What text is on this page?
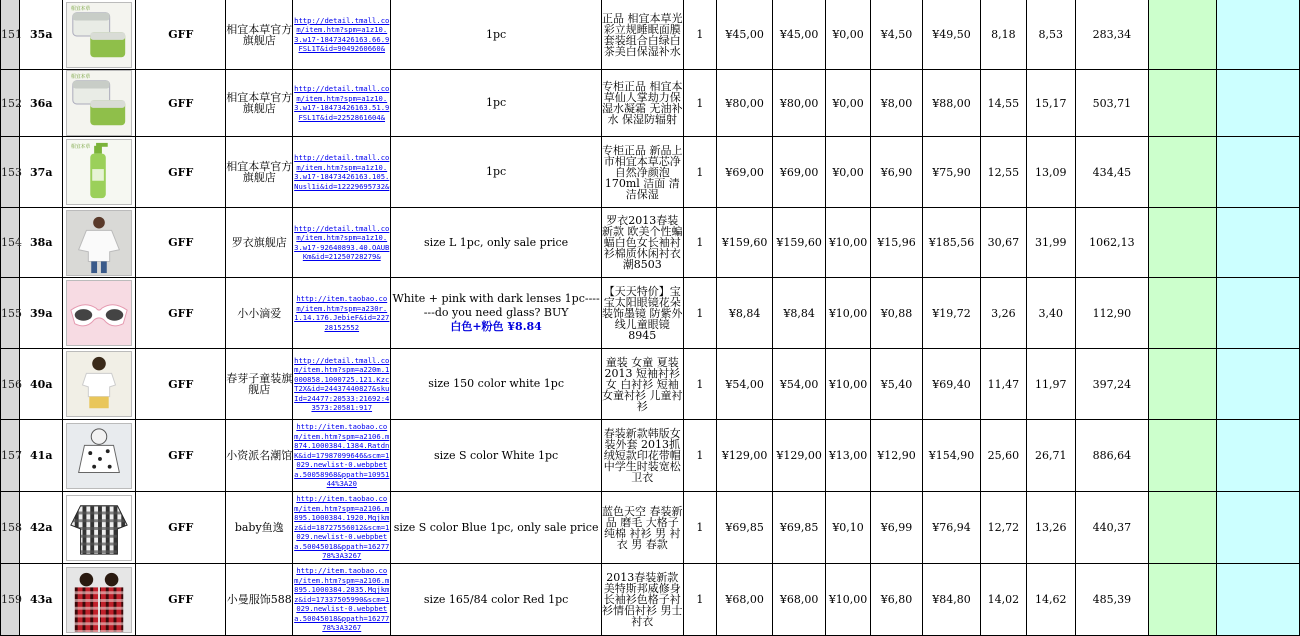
151	35a	相宜本草	GFF	相宜本草官方旗舰店	http://detail.tmall.com/item.htm?spm=a1z10.3.w17-18473426163.66.9FSL1T&id=9049260660&	1pc	正品 相宜本草光彩立规睡眠面膜套装组合白绿白茶美白保湿补水	1	¥45,00	¥45,00	¥0,00	¥4,50	¥49,50	8,18	8,53	283,34		
152	36a	相宜本草	GFF	相宜本草官方旗舰店	http://detail.tmall.com/item.htm?spm=a1z10.3.w17-18473426163.51.9FSL1T&id=2252861604&	1pc	专柜正品 相宜本草仙人掌劫力保湿水凝霜 无油补水 保湿防辐射	1	¥80,00	¥80,00	¥0,00	¥8,00	¥88,00	14,55	15,17	503,71		
153	37a	相宜本草	GFF	相宜本草官方旗舰店	http://detail.tmall.com/item.htm?spm=a1z10.3.w17-18473426163.105.Nusl1i&id=12229695732&	1pc	专柜正品 新品上市相宜本草芯净自然净颜泡170ml 洁面 清洁保湿	1	¥69,00	¥69,00	¥0,00	¥6,90	¥75,90	12,55	13,09	434,45		
154	38a		GFF	罗衣旗舰店	http://detail.tmall.com/item.htm?spm=a1z10.3.w17-92640893.40.OAUBKm&id=21250728279&	size L 1pc, only sale price	罗衣2013春装新款 欧美个性蝙蝠白色女长袖衬衫棉质休闲衬衣潮8503	1	¥159,60	¥159,60	¥10,00	¥15,96	¥185,56	30,67	31,99	1062,13		
155	39a		GFF	小小滴爱	http://item.taobao.com/item.htm?spm=a230r.1.14.176.JebieF&id=22728152552	White + pink with dark lenses 1pc-------do you need glass? BUY
白色+粉色 ¥8.84	【天天特价】宝宝太阳眼镜花朵装饰墨镜 防紫外线儿童眼镜8945	1	¥8,84	¥8,84	¥10,00	¥0,88	¥19,72	3,26	3,40	112,90		
156	40a		GFF	春芽子童装旗舰店	http://detail.tmall.com/item.htm?spm=a220m.1000858.1000725.121.KzcT2X&id=24437440827&skuId=24477:20533:21692:43573:20581:917	size 150 color white 1pc	童装 女童 夏装2013 短袖衬衫 女 白衬衫 短袖女童衬衫 儿童衬衫	1	¥54,00	¥54,00	¥10,00	¥5,40	¥69,40	11,47	11,97	397,24		
157	41a		GFF	小资派名潮馆	http://item.taobao.com/item.htm?spm=a2106.m874.1000384.1384.RatdnK&id=17987099646&scm=1029.newlist-0.webpbeta.50058968&ppath=1095144%3A20	size S color White 1pc	春装新款韩版女装外套 2013抓绒短款印花带帽中学生时装宽松卫衣	1	¥129,00	¥129,00	¥13,00	¥12,90	¥154,90	25,60	26,71	886,64		
158	42a		GFF	baby鱼逸	http://item.taobao.com/item.htm?spm=a2106.m895.1000384.1920.Mqjkmz&id=18727556012&scm=1029.newlist-0.webpbeta.50045018&ppath=1627778%3A3267	size S color Blue 1pc, only sale price	蓝色天空 春装新品 磨毛 大格子 纯棉 衬衫 男 衬衣 男 春款	1	¥69,85	¥69,85	¥0,10	¥6,99	¥76,94	12,72	13,26	440,37		
159	43a		GFF	小曼服饰588	http://item.taobao.com/item.htm?spm=a2106.m895.1000384.2835.Mqjkmz&id=17337505990&scm=1029.newlist-0.webpbeta.50045018&ppath=1627778%3A3267	size 165/84 color Red 1pc	2013春装新款 美特斯邦威修身长袖衫色格子衬衫情侣衬衫 男士衬衣	1	¥68,00	¥68,00	¥10,00	¥6,80	¥84,80	14,02	14,62	485,39		
